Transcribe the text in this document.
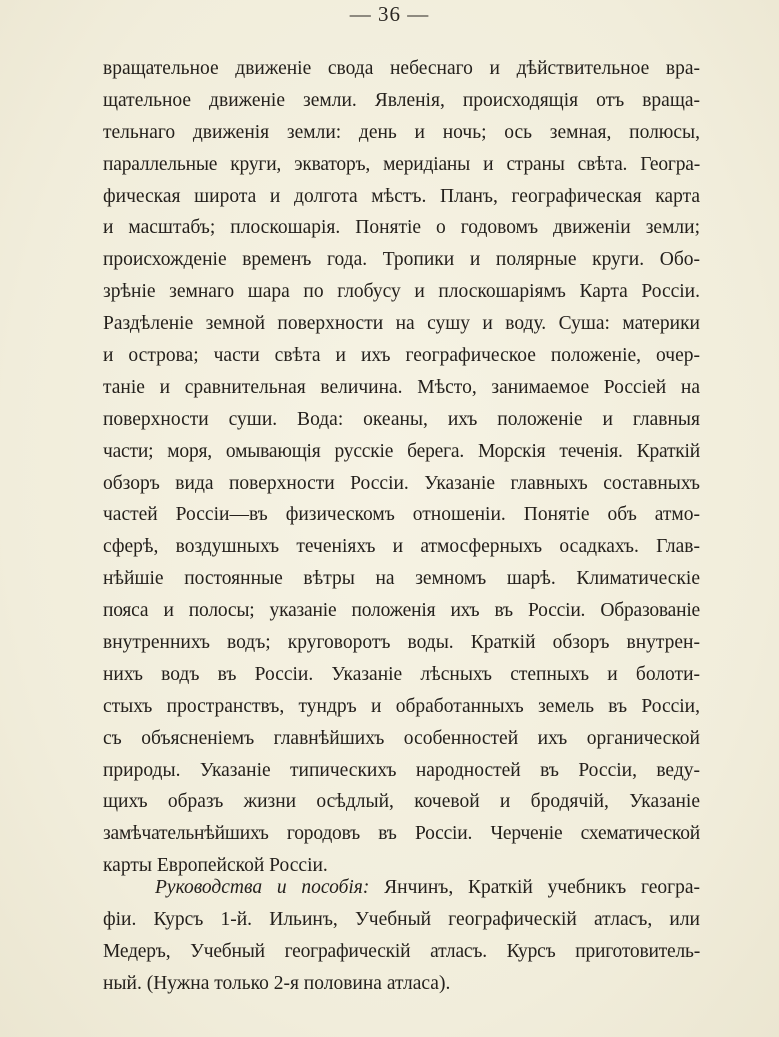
— 36 —
вращательное движенiе свода небеснаго и дѣйствительное вра-
щательное движенiе земли. Явленiя, происходящiя отъ враща-
тельнаго движенiя земли: день и ночь; ось земная, полюсы,
параллельные круги, экваторъ, меридiаны и страны свѣта. Геогра-
фическая широта и долгота мѣстъ. Планъ, географическая карта
и масштабъ; плоскошарiя. Понятiе о годовомъ движенiи земли;
происхожденiе временъ года. Тропики и полярные круги. Обо-
зрѣнiе земнаго шара по глобусу и плоскошарiямъ Карта Россiи.
Раздѣленiе земной поверхности на сушу и воду. Суша: материки
и острова; части свѣта и ихъ географическое положенiе, очер-
танiе и сравнительная величина. Мѣсто, занимаемое Россiей на
поверхности суши. Вода: океаны, ихъ положенiе и главныя
части; моря, омывающiя русскiе берега. Морскiя теченiя. Краткiй
обзоръ вида поверхности Россiи. Указанiе главныхъ составныхъ
частей Россiи—въ физическомъ отношенiи. Понятiе объ атмо-
сферѣ, воздушныхъ теченiяхъ и атмосферныхъ осадкахъ. Глав-
нѣйшiе постоянные вѣтры на земномъ шарѣ. Климатическiе
пояса и полосы; указанiе положенiя ихъ въ Россiи. Образованiе
внутреннихъ водъ; круговоротъ воды. Краткiй обзоръ внутрен-
нихъ водъ въ Россiи. Указанiе лѣсныхъ степныхъ и болоти-
стыхъ пространствъ, тундръ и обработанныхъ земель въ Россiи,
съ объясненiемъ главнѣйшихъ особенностей ихъ органической
природы. Указанiе типическихъ народностей въ Россiи, веду-
щихъ образъ жизни осѣдлый, кочевой и бродячiй, Указанiе
замѣчательнѣйшихъ городовъ въ Россiи. Черченiе схематической
карты Европейской Россiи.
Руководства и пособiя: Янчинъ, Краткiй учебникъ геогра-
фiи. Курсъ 1-й. Ильинъ, Учебный географическiй атласъ, или
Медеръ, Учебный географическiй атласъ. Курсъ приготовитель-
ный. (Нужна только 2-я половина атласа).
